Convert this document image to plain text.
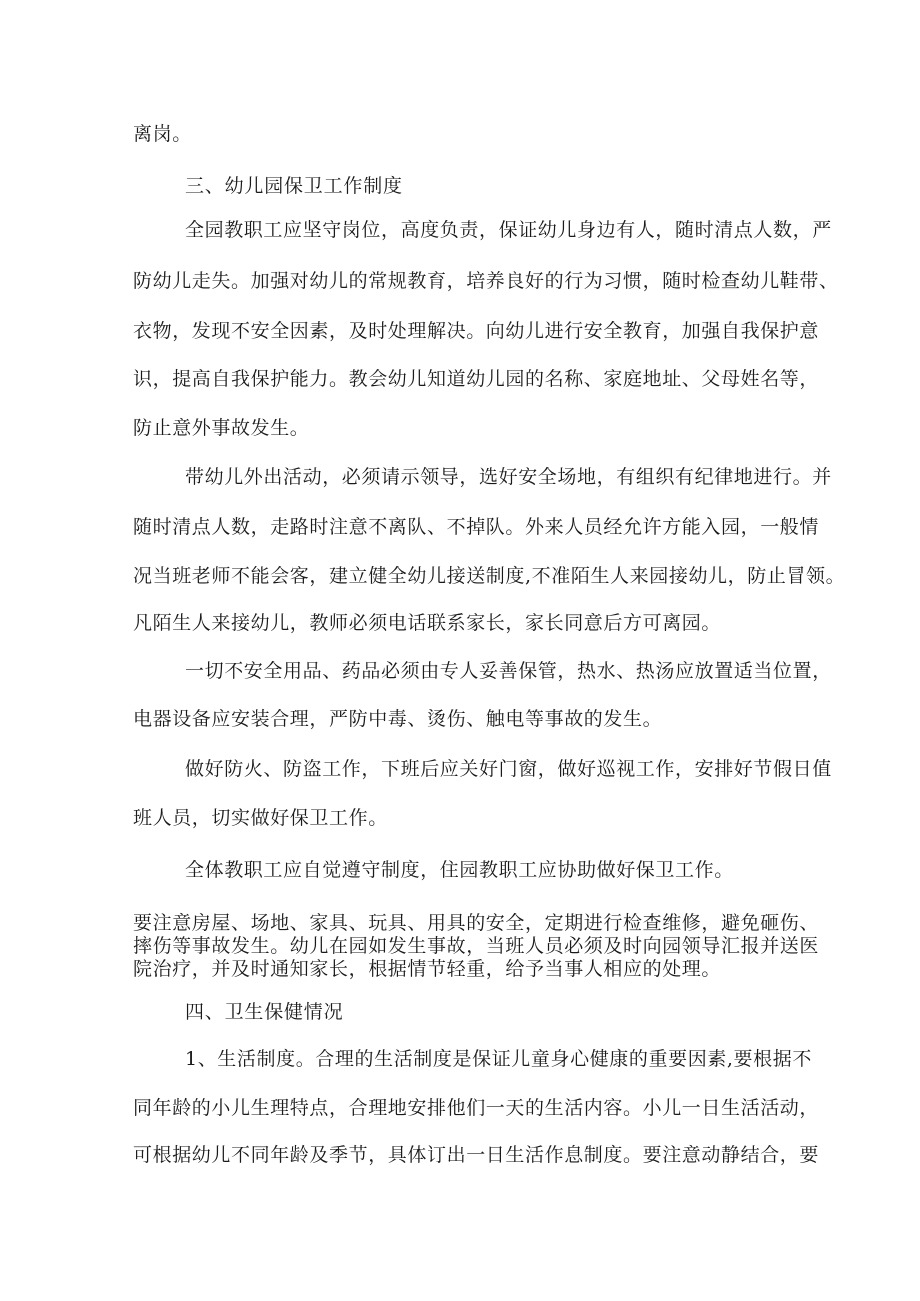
离岗。

三、幼儿园保卫工作制度

全园教职工应坚守岗位，高度负责，保证幼儿身边有人，随时清点人数，严

防幼儿走失。加强对幼儿的常规教育，培养良好的行为习惯，随时检查幼儿鞋带、

衣物，发现不安全因素，及时处理解决。向幼儿进行安全教育，加强自我保护意

识，提高自我保护能力。教会幼儿知道幼儿园的名称、家庭地址、父母姓名等，

防止意外事故发生。

带幼儿外出活动，必须请示领导，选好安全场地，有组织有纪律地进行。并

随时清点人数，走路时注意不离队、不掉队。外来人员经允许方能入园，一般情

况当班老师不能会客，建立健全幼儿接送制度,不准陌生人来园接幼儿，防止冒领。

凡陌生人来接幼儿，教师必须电话联系家长，家长同意后方可离园。

一切不安全用品、药品必须由专人妥善保管，热水、热汤应放置适当位置，

电器设备应安装合理，严防中毒、烫伤、触电等事故的发生。

做好防火、防盗工作，下班后应关好门窗，做好巡视工作，安排好节假日值

班人员，切实做好保卫工作。

全体教职工应自觉遵守制度，住园教职工应协助做好保卫工作。

要注意房屋、场地、家具、玩具、用具的安全，定期进行检查维修，避免砸伤、

摔伤等事故发生。幼儿在园如发生事故，当班人员必须及时向园领导汇报并送医

院治疗，并及时通知家长，根据情节轻重，给予当事人相应的处理。

四、卫生保健情况

1、生活制度。合理的生活制度是保证儿童身心健康的重要因素,要根据不

同年龄的小儿生理特点，合理地安排他们一天的生活内容。小儿一日生活活动，

可根据幼儿不同年龄及季节，具体订出一日生活作息制度。要注意动静结合，要
